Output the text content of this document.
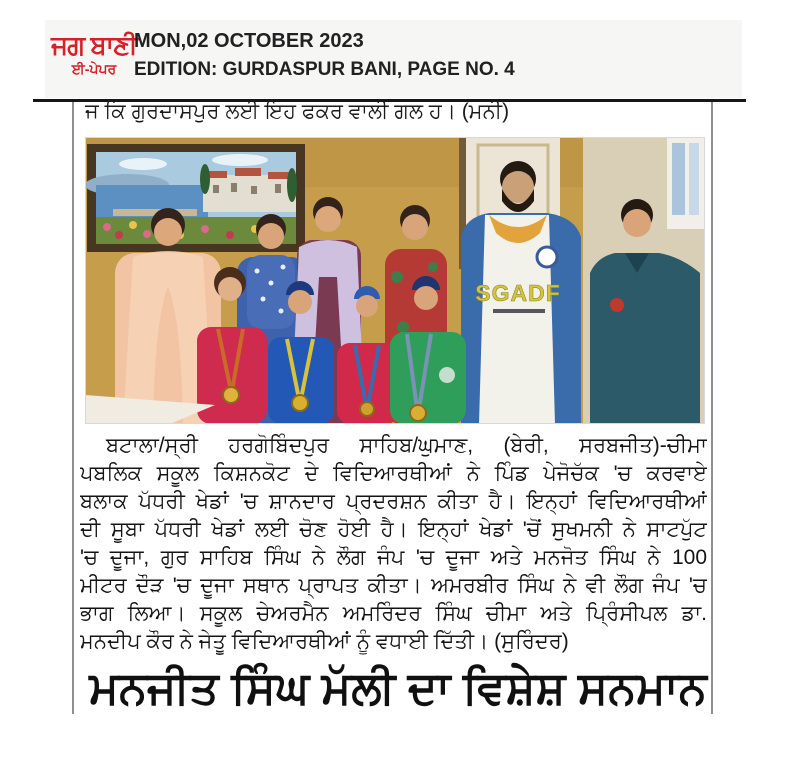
ਜਗ ਬਾਣੀ
ਈ-ਪੇਪਰ
MON,02 OCTOBER 2023
EDITION: GURDASPUR BANI, PAGE NO. 4
ਜ ਕਿ ਗੁਰਦਾਸਪੁਰ ਲਈ ਇਹ ਫਕਰ ਵਾਲੀ ਗਲ ਹ। (ਮਨੀ)
SGADF
ਬਟਾਲਾ/ਸ੍ਰੀ ਹਰਗੋਬਿੰਦਪੁਰ ਸਾਹਿਬ/ਘੁਮਾਣ, (ਬੇਰੀ, ਸਰਬਜੀਤ)-ਚੀਮਾ
ਪਬਲਿਕ ਸਕੂਲ ਕਿਸ਼ਨਕੋਟ ਦੇ ਵਿਦਿਆਰਥੀਆਂ ਨੇ ਪਿੰਡ ਪੇਜੋਚੱਕ 'ਚ ਕਰਵਾਏ
ਬਲਾਕ ਪੱਧਰੀ ਖੇਡਾਂ 'ਚ ਸ਼ਾਨਦਾਰ ਪ੍ਰਦਰਸ਼ਨ ਕੀਤਾ ਹੈ। ਇਨ੍ਹਾਂ ਵਿਦਿਆਰਥੀਆਂ
ਦੀ ਸੂਬਾ ਪੱਧਰੀ ਖੇਡਾਂ ਲਈ ਚੋਣ ਹੋਈ ਹੈ। ਇਨ੍ਹਾਂ ਖੇਡਾਂ 'ਚੋਂ ਸੁਖਮਨੀ ਨੇ ਸਾਟਪੁੱਟ
'ਚ ਦੂਜਾ, ਗੁਰ ਸਾਹਿਬ ਸਿੰਘ ਨੇ ਲੌਗ ਜੰਪ 'ਚ ਦੂਜਾ ਅਤੇ ਮਨਜੋਤ ਸਿੰਘ ਨੇ 100
ਮੀਟਰ ਦੌੜ 'ਚ ਦੂਜਾ ਸਥਾਨ ਪ੍ਰਾਪਤ ਕੀਤਾ। ਅਮਰਬੀਰ ਸਿੰਘ ਨੇ ਵੀ ਲੌਗ ਜੰਪ 'ਚ
ਭਾਗ ਲਿਆ। ਸਕੂਲ ਚੇਅਰਮੈਨ ਅਮਰਿੰਦਰ ਸਿੰਘ ਚੀਮਾ ਅਤੇ ਪ੍ਰਿੰਸੀਪਲ ਡਾ.
ਮਨਦੀਪ ਕੌਰ ਨੇ ਜੇਤੂ ਵਿਦਿਆਰਥੀਆਂ ਨੂੰ ਵਧਾਈ ਦਿੱਤੀ। (ਸੁਰਿੰਦਰ)
ਮਨਜੀਤ ਸਿੰਘ ਮੱਲੀ ਦਾ ਵਿਸ਼ੇਸ਼ ਸਨਮਾਨ
